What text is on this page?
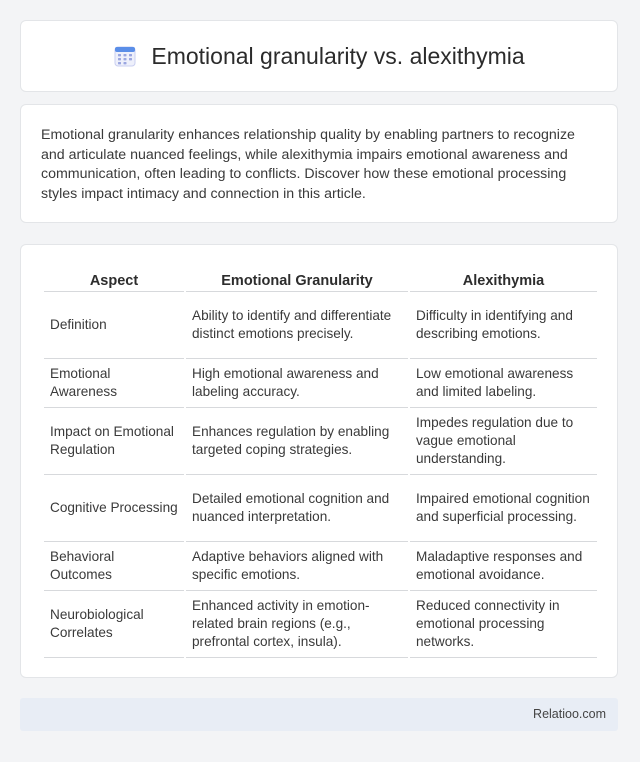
Emotional granularity vs. alexithymia

Emotional granularity enhances relationship quality by enabling partners to recognize and articulate nuanced feelings, while alexithymia impairs emotional awareness and communication, often leading to conflicts. Discover how these emotional processing styles impact intimacy and connection in this article.

Aspect	Emotional Granularity	Alexithymia
Definition	Ability to identify and differentiate distinct emotions precisely.	Difficulty in identifying and describing emotions.
Emotional Awareness	High emotional awareness and labeling accuracy.	Low emotional awareness and limited labeling.
Impact on Emotional Regulation	Enhances regulation by enabling targeted coping strategies.	Impedes regulation due to vague emotional understanding.
Cognitive Processing	Detailed emotional cognition and nuanced interpretation.	Impaired emotional cognition and superficial processing.
Behavioral Outcomes	Adaptive behaviors aligned with specific emotions.	Maladaptive responses and emotional avoidance.
Neurobiological Correlates	Enhanced activity in emotion-related brain regions (e.g., prefrontal cortex, insula).	Reduced connectivity in emotional processing networks.
Relatioo.com
